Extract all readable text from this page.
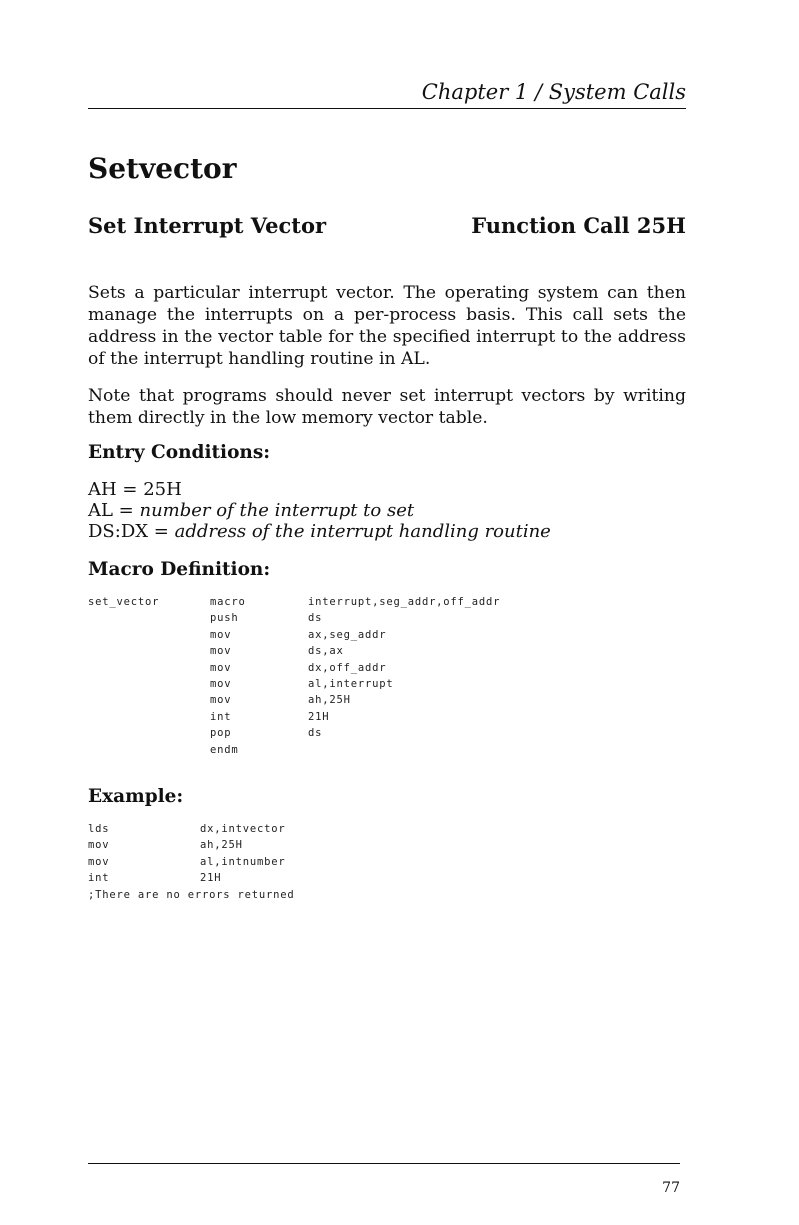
Chapter 1 / System Calls
Setvector
Set Interrupt Vector	Function Call 25H

Sets a particular interrupt vector. The operating system can then manage the interrupts on a per-process basis. This call sets the address in the vector table for the specified interrupt to the address of the interrupt handling routine in AL.

Note that programs should never set interrupt vectors by writing them directly in the low memory vector table.

Entry Conditions:
AH = 25H
AL = number of the interrupt to set
DS:DX = address of the interrupt handling routine
Macro Definition:
set_vector	macro	interrupt,seg_addr,off_addr
	push	ds
	mov	ax,seg_addr
	mov	ds,ax
	mov	dx,off_addr
	mov	al,interrupt
	mov	ah,25H
	int	21H
	pop	ds
	endm	
Example:
lds	dx,intvector
mov	ah,25H
mov	al,intnumber
int	21H
;There are no errors returned	
77
